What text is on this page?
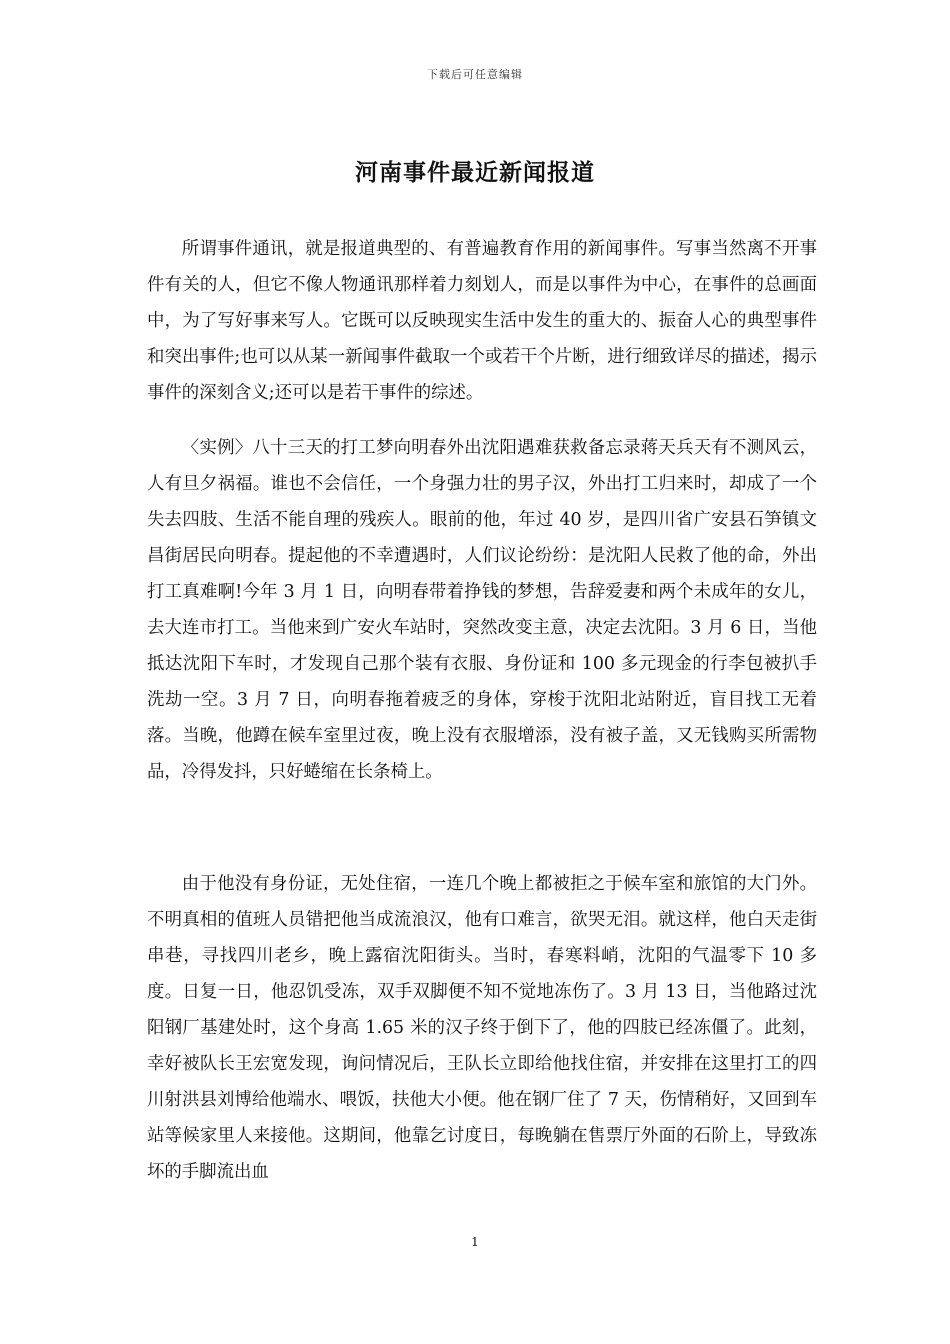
下载后可任意编辑
河南事件最近新闻报道

所谓事件通讯，就是报道典型的、有普遍教育作用的新闻事件。写事当然离不开事件有关的人，但它不像人物通讯那样着力刻划人，而是以事件为中心，在事件的总画面中，为了写好事来写人。它既可以反映现实生活中发生的重大的、振奋人心的典型事件和突出事件;也可以从某一新闻事件截取一个或若干个片断，进行细致详尽的描述，揭示事件的深刻含义;还可以是若干事件的综述。

〈实例〉八十三天的打工梦向明春外出沈阳遇难获救备忘录蒋天兵天有不测风云，人有旦夕祸福。谁也不会信任，一个身强力壮的男子汉，外出打工归来时，却成了一个失去四肢、生活不能自理的残疾人。眼前的他，年过 40 岁，是四川省广安县石笋镇文昌街居民向明春。提起他的不幸遭遇时，人们议论纷纷：是沈阳人民救了他的命，外出打工真难啊!今年 3 月 1 日，向明春带着挣钱的梦想，告辞爱妻和两个未成年的女儿，去大连市打工。当他来到广安火车站时，突然改变主意，决定去沈阳。3 月 6 日，当他抵达沈阳下车时，才发现自己那个装有衣服、身份证和 100 多元现金的行李包被扒手洗劫一空。3 月 7 日，向明春拖着疲乏的身体，穿梭于沈阳北站附近，盲目找工无着落。当晚，他蹲在候车室里过夜，晚上没有衣服增添，没有被子盖，又无钱购买所需物品，冷得发抖，只好蜷缩在长条椅上。

由于他没有身份证，无处住宿，一连几个晚上都被拒之于候车室和旅馆的大门外。不明真相的值班人员错把他当成流浪汉，他有口难言，欲哭无泪。就这样，他白天走街串巷，寻找四川老乡，晚上露宿沈阳街头。当时，春寒料峭，沈阳的气温零下 10 多度。日复一日，他忍饥受冻，双手双脚便不知不觉地冻伤了。3 月 13 日，当他路过沈阳钢厂基建处时，这个身高 1.65 米的汉子终于倒下了，他的四肢已经冻僵了。此刻，幸好被队长王宏宽发现，询问情况后，王队长立即给他找住宿，并安排在这里打工的四川射洪县刘博给他端水、喂饭，扶他大小便。他在钢厂住了 7 天，伤情稍好，又回到车站等候家里人来接他。这期间，他靠乞讨度日，每晚躺在售票厅外面的石阶上，导致冻坏的手脚流出血

1
